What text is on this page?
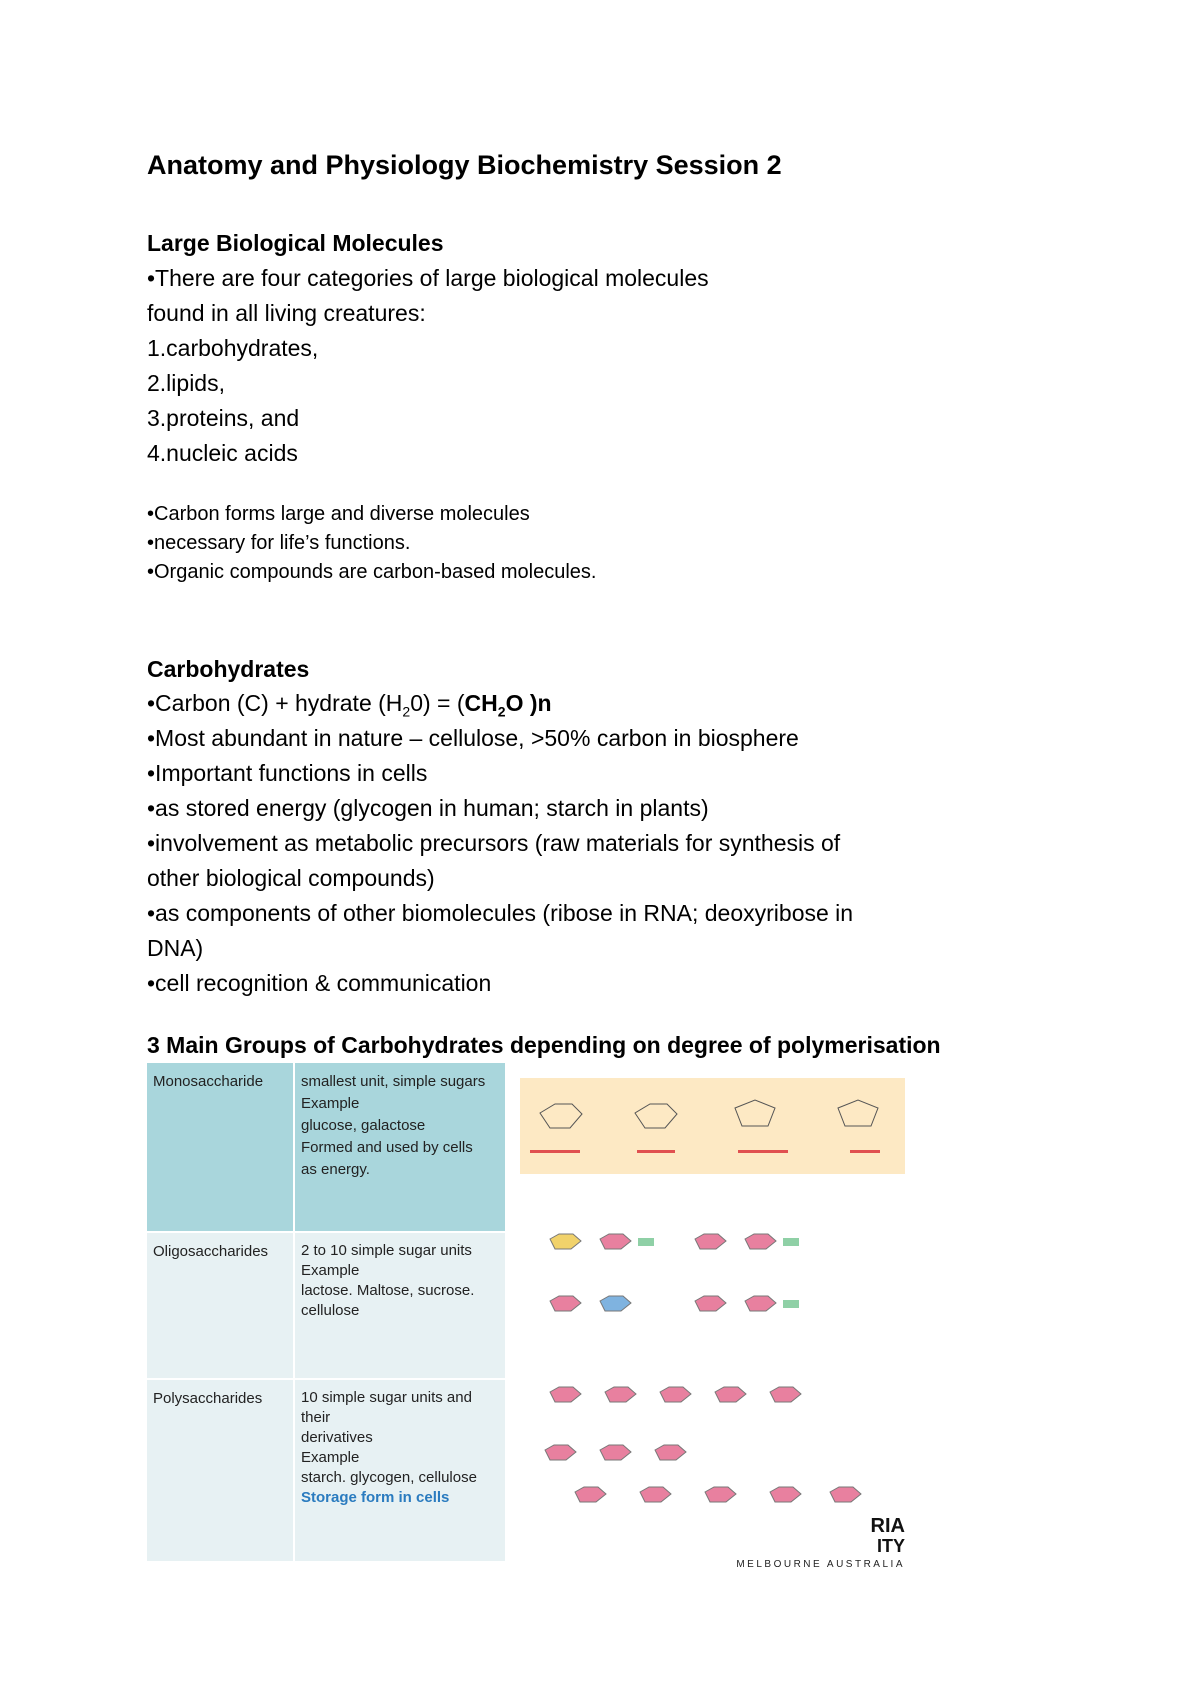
Anatomy and Physiology Biochemistry Session 2
Large Biological Molecules
•There are four categories of large biological molecules
found in all living creatures:
1.carbohydrates,
2.lipids,
3.proteins, and
4.nucleic acids
•Carbon forms large and diverse molecules
•necessary for life’s functions.
•Organic compounds are carbon-based molecules.
Carbohydrates
•Carbon (C) + hydrate $(H_20) = (CH_2O$ )n
•Most abundant in nature – cellulose, >50% carbon in biosphere
•Important functions in cells
•as stored energy (glycogen in human; starch in plants)
•involvement as metabolic precursors (raw materials for synthesis of
other biological compounds)
•as components of other biomolecules (ribose in RNA; deoxyribose in
DNA)
•cell recognition & communication
3 Main Groups of Carbohydrates depending on degree of polymerisation
Monosaccharide	smallest unit, simple sugars
Example
glucose, galactose
Formed and used by cells
as energy.
Oligosaccharides	2 to 10 simple sugar units
Example
lactose. Maltose, sucrose.
cellulose
Polysaccharides	10 simple sugar units and their
derivatives
Example
starch. glycogen, cellulose
Storage form in cells
RIA
ITY
MELBOURNE AUSTRALIA
